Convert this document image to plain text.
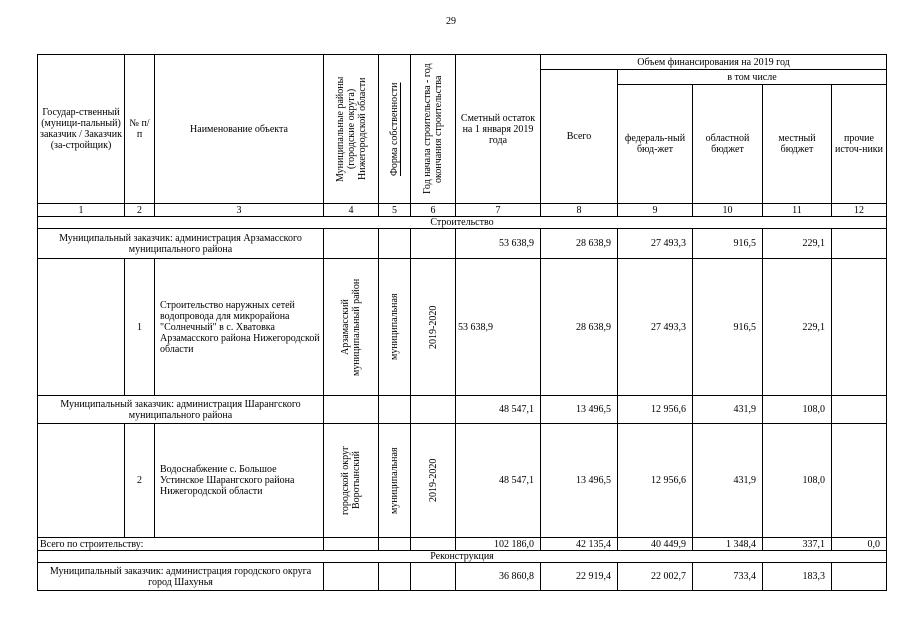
29
Государ-ственный (муници-пальный) заказчик / Заказчик (за-стройщик)	№ п/п	Наименование объекта	Муниципальные районы (городские округа) Нижегородской области	Форма собственности	Год начала строительства - год окончания строительства	Сметный остаток на 1 января 2019 года	Объем финансирования на 2019 год				
							Всего	в том числе			
								федераль-ный бюд-жет	областной бюджет	местный бюджет	прочие источ-ники
1	2	3	4	5	6	7	8	9	10	11	12
Строительство											
Муниципальный заказчик: администрация Арзамасского муниципального района						53 638,9	28 638,9	27 493,3	916,5	229,1	
	1	Строительство наружных сетей водопровода для микрорайона "Солнечный" в с. Хватовка Арзамасского района Нижегородской области	Арзамасский муниципальный район	муниципальная	2019-2020	53 638,9	28 638,9	27 493,3	916,5	229,1	
Муниципальный заказчик: администрация Шарангского муниципального района						48 547,1	13 496,5	12 956,6	431,9	108,0	
	2	Водоснабжение с. Большое Устинское Шарангского района Нижегородской области	городской округ Воротынский	муниципальная	2019-2020	48 547,1	13 496,5	12 956,6	431,9	108,0	
Всего по строительству:						102 186,0	42 135,4	40 449,9	1 348,4	337,1	0,0
Реконструкция											
Муниципальный заказчик: администрация городского округа город Шахунья						36 860,8	22 919,4	22 002,7	733,4	183,3	
